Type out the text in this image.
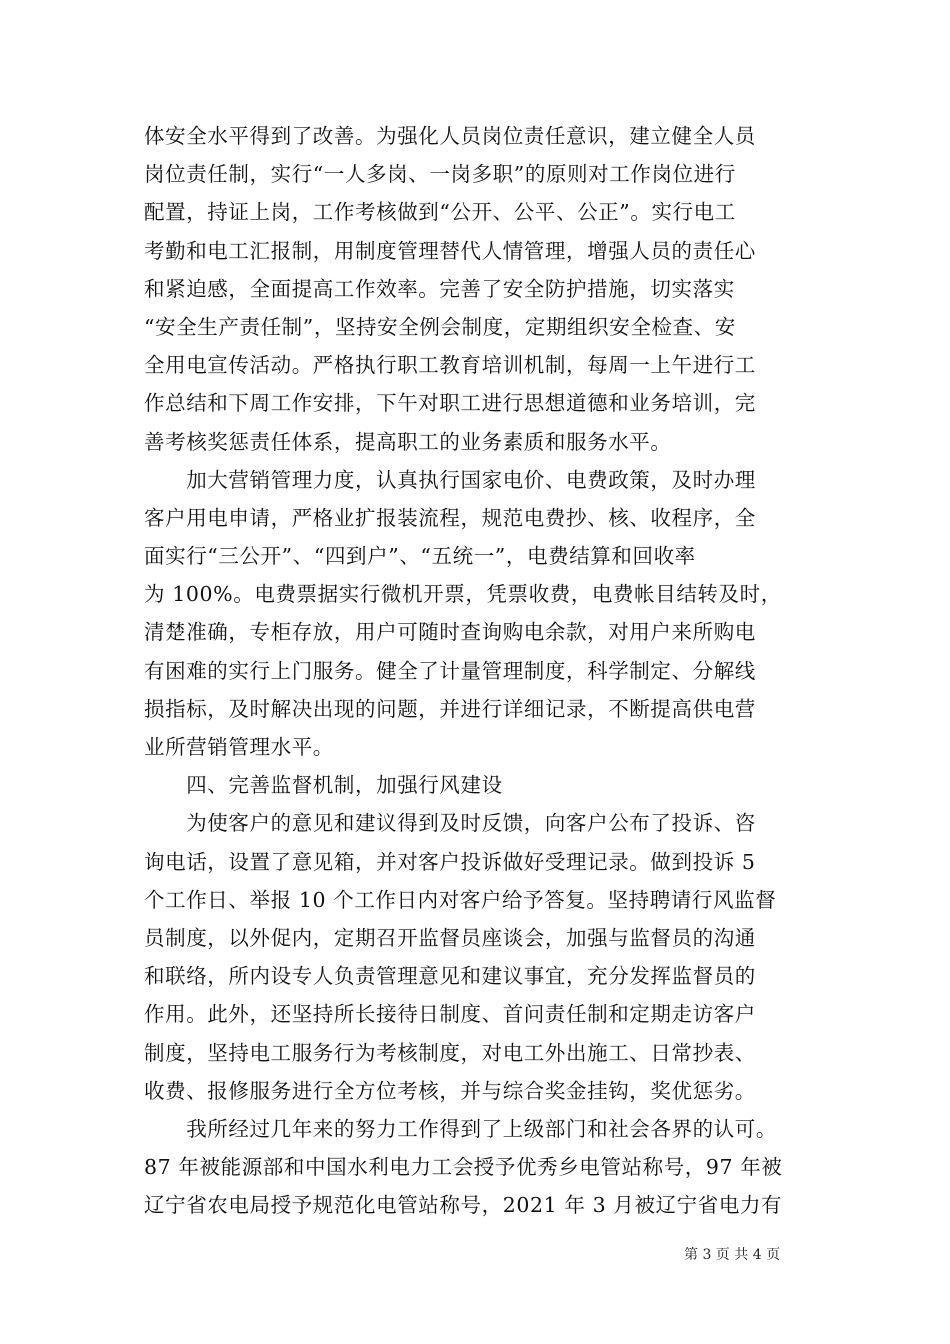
体安全水平得到了改善。为强化人员岗位责任意识，建立健全人员
岗位责任制，实行“一人多岗、一岗多职”的原则对工作岗位进行
配置，持证上岗，工作考核做到“公开、公平、公正”。实行电工
考勤和电工汇报制，用制度管理替代人情管理，增强人员的责任心
和紧迫感，全面提高工作效率。完善了安全防护措施，切实落实
“安全生产责任制”，坚持安全例会制度，定期组织安全检查、安
全用电宣传活动。严格执行职工教育培训机制，每周一上午进行工
作总结和下周工作安排，下午对职工进行思想道德和业务培训，完
善考核奖惩责任体系，提高职工的业务素质和服务水平。
　　加大营销管理力度，认真执行国家电价、电费政策，及时办理
客户用电申请，严格业扩报装流程，规范电费抄、核、收程序，全
面实行“三公开”、“四到户”、“五统一”，电费结算和回收率
为 100%。电费票据实行微机开票，凭票收费，电费帐目结转及时，
清楚准确，专柜存放，用户可随时查询购电余款，对用户来所购电
有困难的实行上门服务。健全了计量管理制度，科学制定、分解线
损指标，及时解决出现的问题，并进行详细记录，不断提高供电营
业所营销管理水平。
　　四、完善监督机制，加强行风建设
　　为使客户的意见和建议得到及时反馈，向客户公布了投诉、咨
询电话，设置了意见箱，并对客户投诉做好受理记录。做到投诉 5
个工作日、举报 10 个工作日内对客户给予答复。坚持聘请行风监督
员制度，以外促内，定期召开监督员座谈会，加强与监督员的沟通
和联络，所内设专人负责管理意见和建议事宜，充分发挥监督员的
作用。此外，还坚持所长接待日制度、首问责任制和定期走访客户
制度，坚持电工服务行为考核制度，对电工外出施工、日常抄表、
收费、报修服务进行全方位考核，并与综合奖金挂钩，奖优惩劣。
　　我所经过几年来的努力工作得到了上级部门和社会各界的认可。
87 年被能源部和中国水利电力工会授予优秀乡电管站称号，97 年被
辽宁省农电局授予规范化电管站称号，2021 年 3 月被辽宁省电力有
第 3 页 共 4 页
